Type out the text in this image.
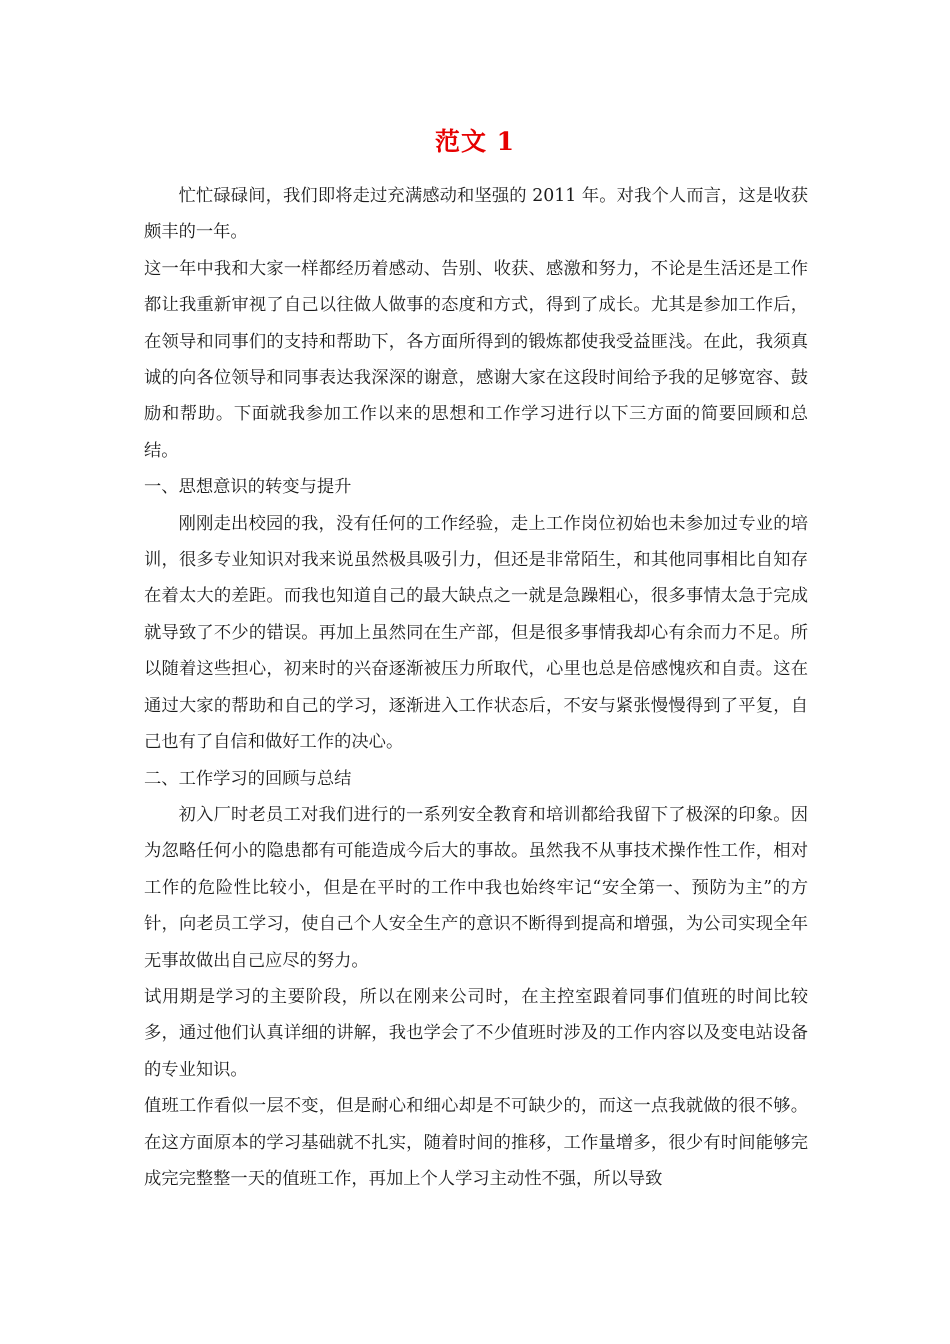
范文 1

忙忙碌碌间，我们即将走过充满感动和坚强的 2011 年。对我个人而言，这是收获颇丰的一年。

这一年中我和大家一样都经历着感动、告别、收获、感激和努力，不论是生活还是工作都让我重新审视了自己以往做人做事的态度和方式，得到了成长。尤其是参加工作后，在领导和同事们的支持和帮助下，各方面所得到的锻炼都使我受益匪浅。在此，我须真诚的向各位领导和同事表达我深深的谢意，感谢大家在这段时间给予我的足够宽容、鼓励和帮助。下面就我参加工作以来的思想和工作学习进行以下三方面的简要回顾和总结。

一、思想意识的转变与提升

刚刚走出校园的我，没有任何的工作经验，走上工作岗位初始也未参加过专业的培训，很多专业知识对我来说虽然极具吸引力，但还是非常陌生，和其他同事相比自知存在着太大的差距。而我也知道自己的最大缺点之一就是急躁粗心，很多事情太急于完成就导致了不少的错误。再加上虽然同在生产部，但是很多事情我却心有余而力不足。所以随着这些担心，初来时的兴奋逐渐被压力所取代，心里也总是倍感愧疚和自责。这在通过大家的帮助和自己的学习，逐渐进入工作状态后，不安与紧张慢慢得到了平复，自己也有了自信和做好工作的决心。

二、工作学习的回顾与总结

初入厂时老员工对我们进行的一系列安全教育和培训都给我留下了极深的印象。因为忽略任何小的隐患都有可能造成今后大的事故。虽然我不从事技术操作性工作，相对工作的危险性比较小，但是在平时的工作中我也始终牢记“安全第一、预防为主”的方针，向老员工学习，使自己个人安全生产的意识不断得到提高和增强，为公司实现全年无事故做出自己应尽的努力。

试用期是学习的主要阶段，所以在刚来公司时，在主控室跟着同事们值班的时间比较多，通过他们认真详细的讲解，我也学会了不少值班时涉及的工作内容以及变电站设备的专业知识。

值班工作看似一层不变，但是耐心和细心却是不可缺少的，而这一点我就做的很不够。在这方面原本的学习基础就不扎实，随着时间的推移，工作量增多，很少有时间能够完成完完整整一天的值班工作，再加上个人学习主动性不强，所以导致
